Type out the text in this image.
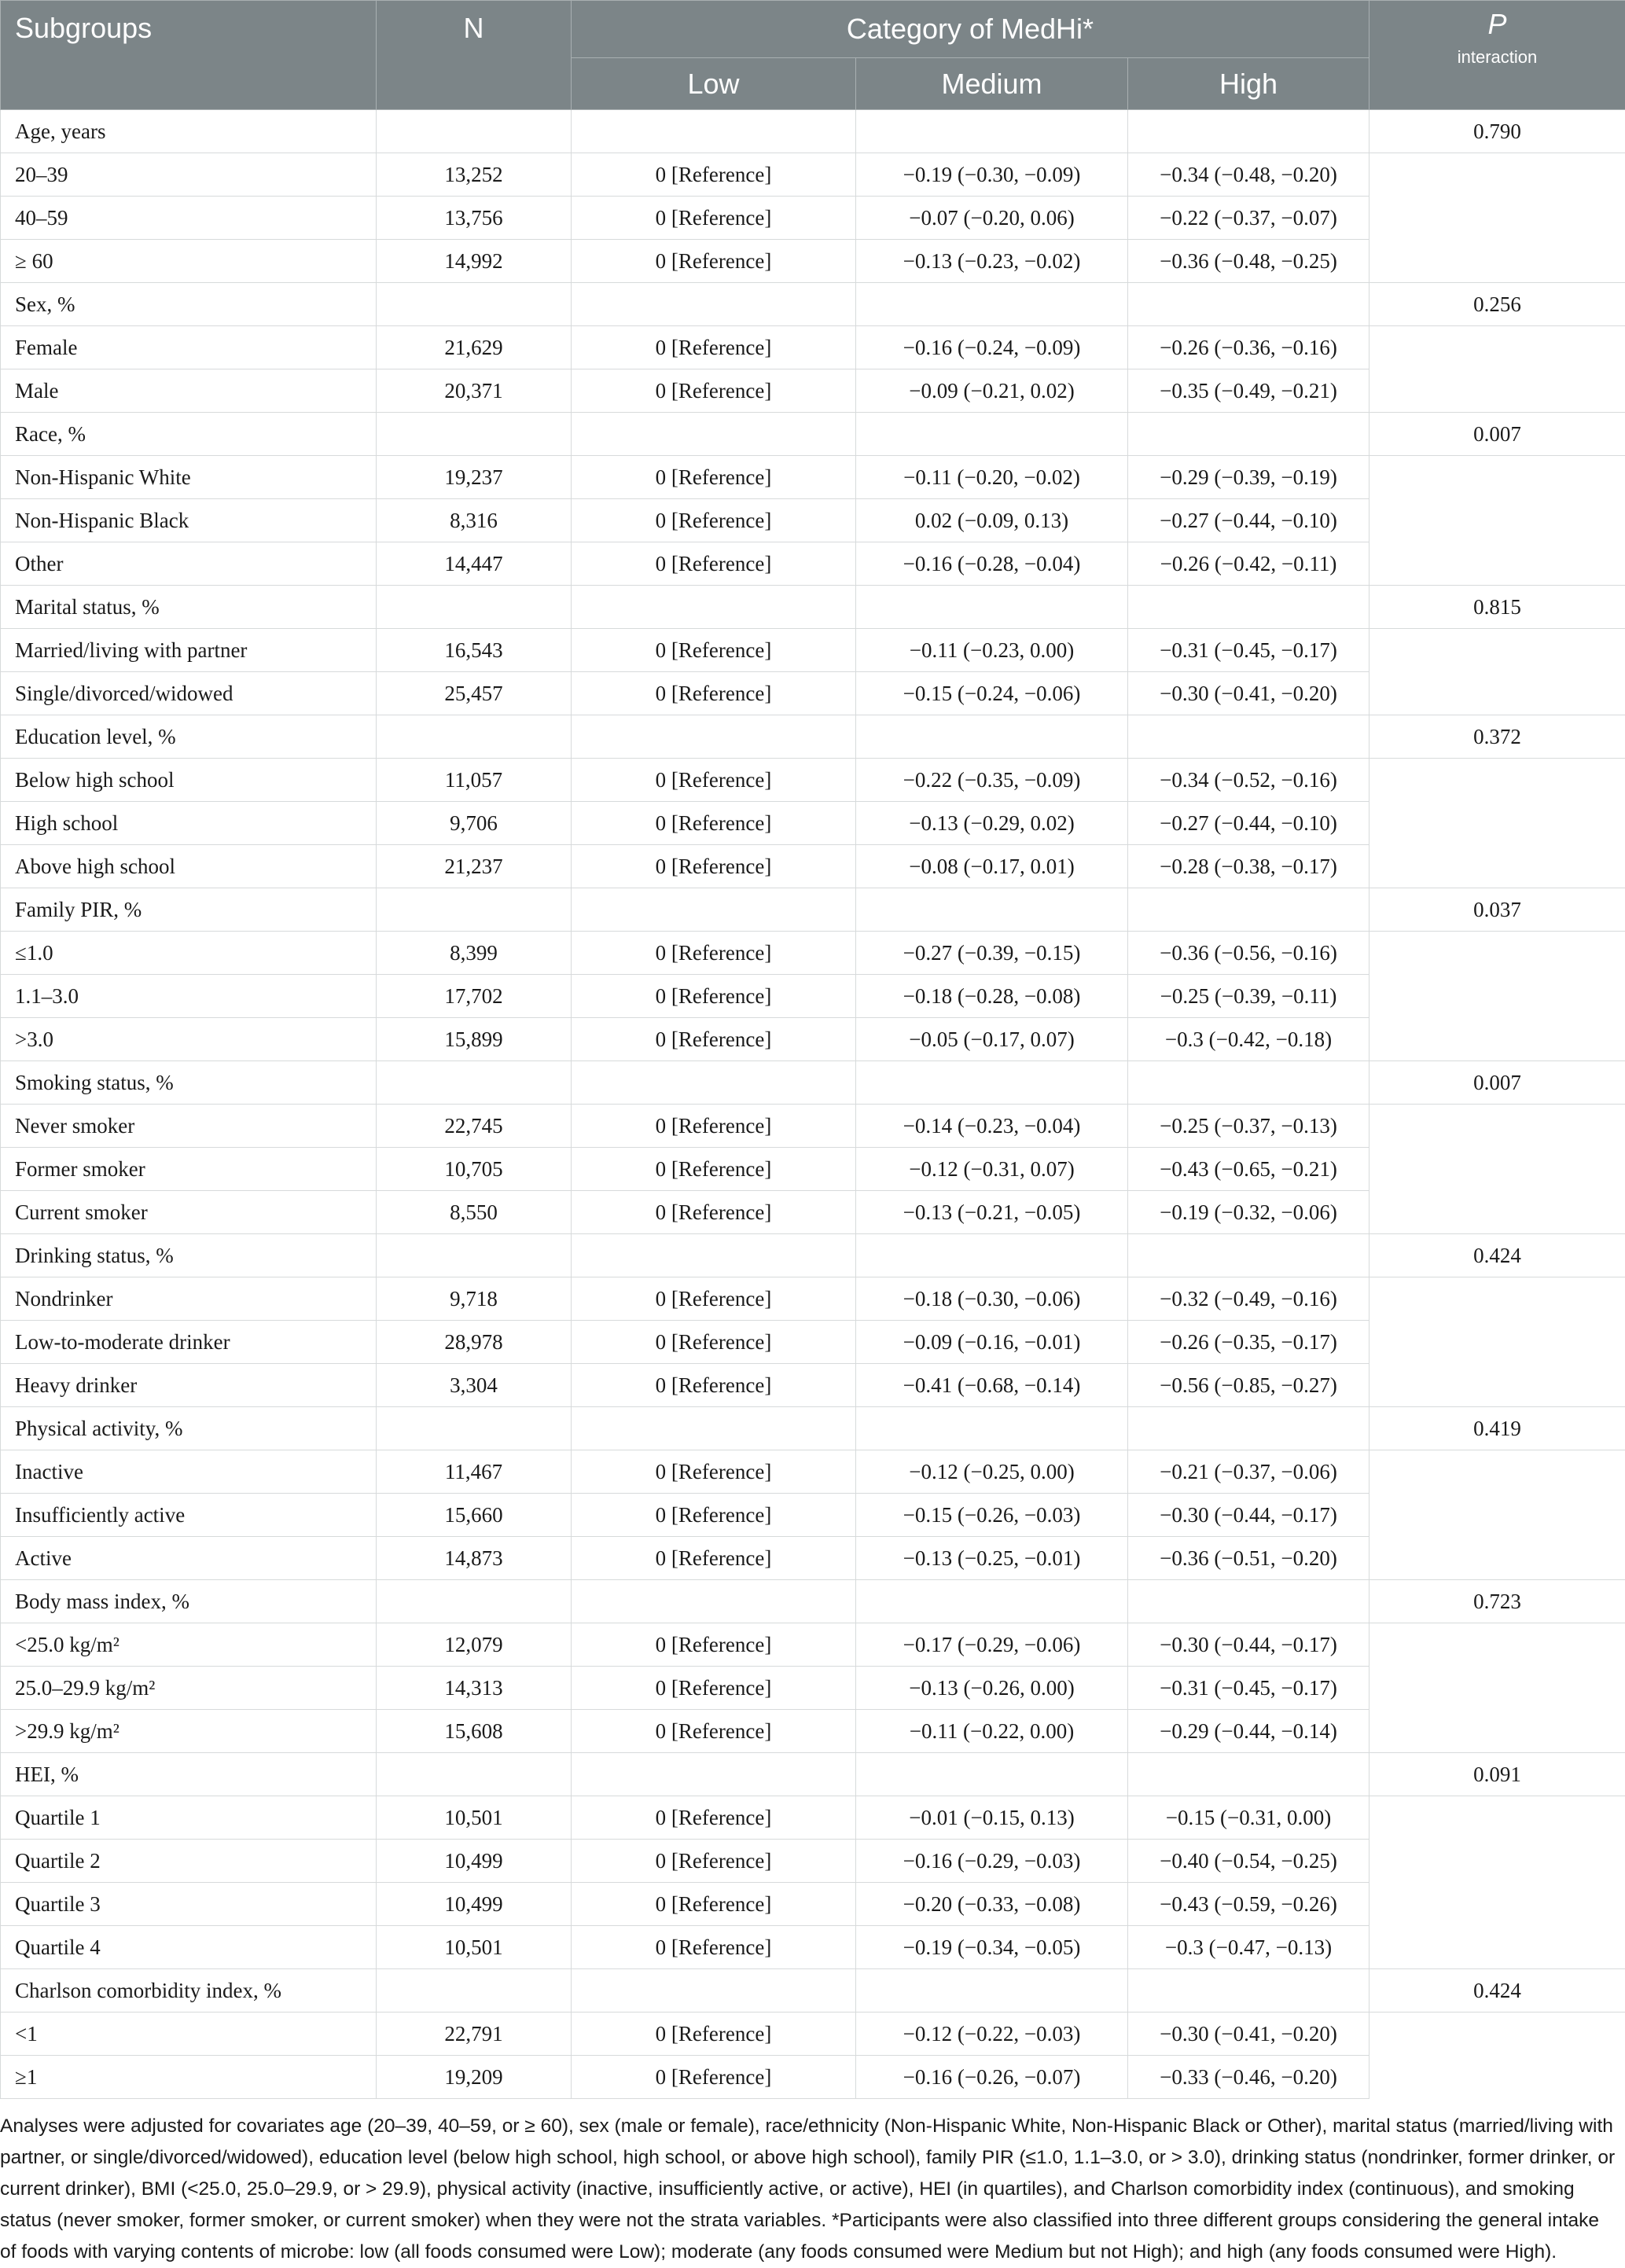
Subgroups	N	Category of MedHi*			P
interaction

		Low	Medium	High	
Age, years					0.790
20–39	13,252	0 [Reference]	−0.19 (−0.30, −0.09)	−0.34 (−0.48, −0.20)	
40–59	13,756	0 [Reference]	−0.07 (−0.20, 0.06)	−0.22 (−0.37, −0.07)	
≥ 60	14,992	0 [Reference]	−0.13 (−0.23, −0.02)	−0.36 (−0.48, −0.25)	
Sex, %					0.256
Female	21,629	0 [Reference]	−0.16 (−0.24, −0.09)	−0.26 (−0.36, −0.16)	
Male	20,371	0 [Reference]	−0.09 (−0.21, 0.02)	−0.35 (−0.49, −0.21)	
Race, %					0.007
Non-Hispanic White	19,237	0 [Reference]	−0.11 (−0.20, −0.02)	−0.29 (−0.39, −0.19)	
Non-Hispanic Black	8,316	0 [Reference]	0.02 (−0.09, 0.13)	−0.27 (−0.44, −0.10)	
Other	14,447	0 [Reference]	−0.16 (−0.28, −0.04)	−0.26 (−0.42, −0.11)	
Marital status, %					0.815
Married/living with partner	16,543	0 [Reference]	−0.11 (−0.23, 0.00)	−0.31 (−0.45, −0.17)	
Single/divorced/widowed	25,457	0 [Reference]	−0.15 (−0.24, −0.06)	−0.30 (−0.41, −0.20)	
Education level, %					0.372
Below high school	11,057	0 [Reference]	−0.22 (−0.35, −0.09)	−0.34 (−0.52, −0.16)	
High school	9,706	0 [Reference]	−0.13 (−0.29, 0.02)	−0.27 (−0.44, −0.10)	
Above high school	21,237	0 [Reference]	−0.08 (−0.17, 0.01)	−0.28 (−0.38, −0.17)	
Family PIR, %					0.037
≤1.0	8,399	0 [Reference]	−0.27 (−0.39, −0.15)	−0.36 (−0.56, −0.16)	
1.1–3.0	17,702	0 [Reference]	−0.18 (−0.28, −0.08)	−0.25 (−0.39, −0.11)	
>3.0	15,899	0 [Reference]	−0.05 (−0.17, 0.07)	−0.3 (−0.42, −0.18)	
Smoking status, %					0.007
Never smoker	22,745	0 [Reference]	−0.14 (−0.23, −0.04)	−0.25 (−0.37, −0.13)	
Former smoker	10,705	0 [Reference]	−0.12 (−0.31, 0.07)	−0.43 (−0.65, −0.21)	
Current smoker	8,550	0 [Reference]	−0.13 (−0.21, −0.05)	−0.19 (−0.32, −0.06)	
Drinking status, %					0.424
Nondrinker	9,718	0 [Reference]	−0.18 (−0.30, −0.06)	−0.32 (−0.49, −0.16)	
Low-to-moderate drinker	28,978	0 [Reference]	−0.09 (−0.16, −0.01)	−0.26 (−0.35, −0.17)	
Heavy drinker	3,304	0 [Reference]	−0.41 (−0.68, −0.14)	−0.56 (−0.85, −0.27)	
Physical activity, %					0.419
Inactive	11,467	0 [Reference]	−0.12 (−0.25, 0.00)	−0.21 (−0.37, −0.06)	
Insufficiently active	15,660	0 [Reference]	−0.15 (−0.26, −0.03)	−0.30 (−0.44, −0.17)	
Active	14,873	0 [Reference]	−0.13 (−0.25, −0.01)	−0.36 (−0.51, −0.20)	
Body mass index, %					0.723
<25.0 kg/m²	12,079	0 [Reference]	−0.17 (−0.29, −0.06)	−0.30 (−0.44, −0.17)	
25.0–29.9 kg/m²	14,313	0 [Reference]	−0.13 (−0.26, 0.00)	−0.31 (−0.45, −0.17)	
>29.9 kg/m²	15,608	0 [Reference]	−0.11 (−0.22, 0.00)	−0.29 (−0.44, −0.14)	
HEI, %					0.091
Quartile 1	10,501	0 [Reference]	−0.01 (−0.15, 0.13)	−0.15 (−0.31, 0.00)	
Quartile 2	10,499	0 [Reference]	−0.16 (−0.29, −0.03)	−0.40 (−0.54, −0.25)	
Quartile 3	10,499	0 [Reference]	−0.20 (−0.33, −0.08)	−0.43 (−0.59, −0.26)	
Quartile 4	10,501	0 [Reference]	−0.19 (−0.34, −0.05)	−0.3 (−0.47, −0.13)	
Charlson comorbidity index, %					0.424
<1	22,791	0 [Reference]	−0.12 (−0.22, −0.03)	−0.30 (−0.41, −0.20)	
≥1	19,209	0 [Reference]	−0.16 (−0.26, −0.07)	−0.33 (−0.46, −0.20)	
Analyses were adjusted for covariates age (20–39, 40–59, or ≥ 60), sex (male or female), race/ethnicity (Non-Hispanic White, Non-Hispanic Black or Other), marital status (married/living with partner, or single/divorced/widowed), education level (below high school, high school, or above high school), family PIR (≤1.0, 1.1–3.0, or > 3.0), drinking status (nondrinker, former drinker, or current drinker), BMI (<25.0, 25.0–29.9, or > 29.9), physical activity (inactive, insufficiently active, or active), HEI (in quartiles), and Charlson comorbidity index (continuous), and smoking status (never smoker, former smoker, or current smoker) when they were not the strata variables. *Participants were also classified into three different groups considering the general intake of foods with varying contents of microbe: low (all foods consumed were Low); moderate (any foods consumed were Medium but not High); and high (any foods consumed were High).
